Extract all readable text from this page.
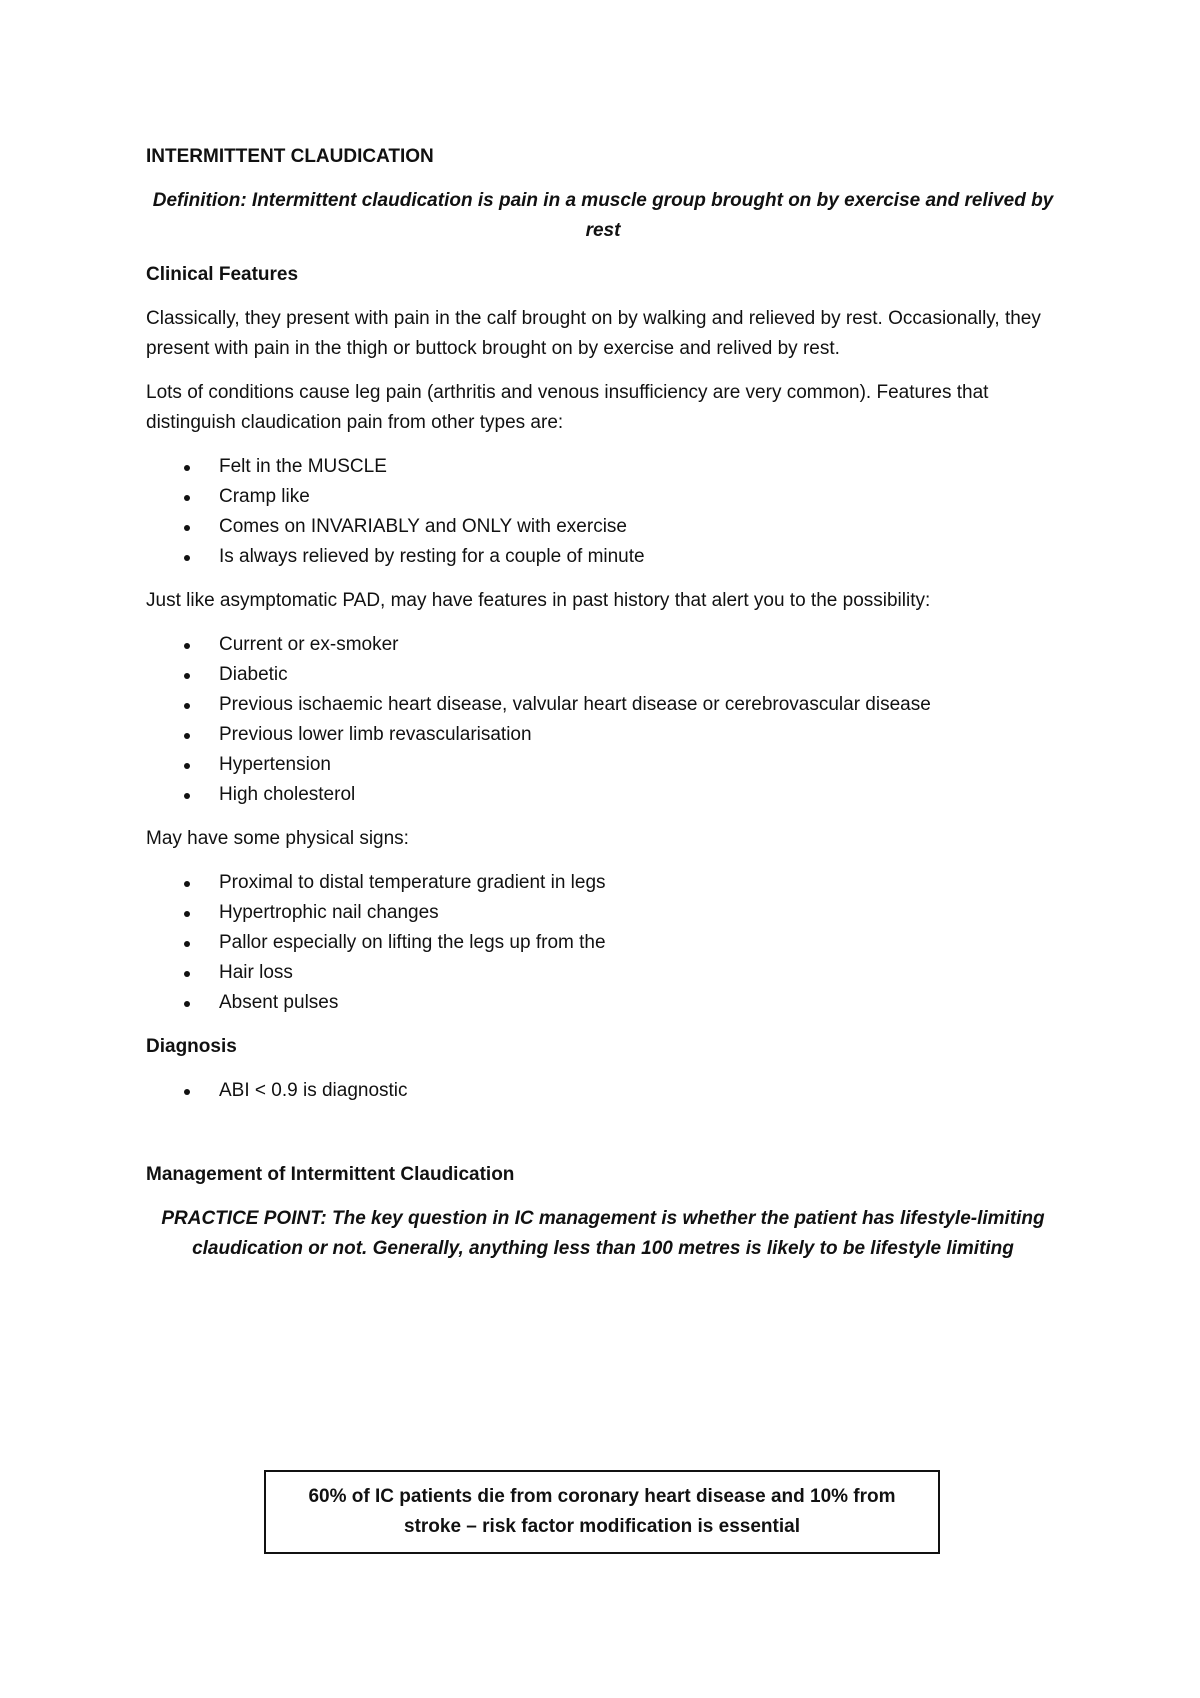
INTERMITTENT CLAUDICATION

Definition: Intermittent claudication is pain in a muscle group brought on by exercise and relived by rest

Clinical Features

Classically, they present with pain in the calf brought on by walking and relieved by rest. Occasionally, they present with pain in the thigh or buttock brought on by exercise and relived by rest.

Lots of conditions cause leg pain (arthritis and venous insufficiency are very common). Features that distinguish claudication pain from other types are:

Felt in the MUSCLE
Cramp like
Comes on INVARIABLY and ONLY with exercise
Is always relieved by resting for a couple of minute

Just like asymptomatic PAD, may have features in past history that alert you to the possibility:

Current or ex-smoker
Diabetic
Previous ischaemic heart disease, valvular heart disease or cerebrovascular disease
Previous lower limb revascularisation
Hypertension
High cholesterol

May have some physical signs:

Proximal to distal temperature gradient in legs
Hypertrophic nail changes
Pallor especially on lifting the legs up from the
Hair loss
Absent pulses

Diagnosis

ABI < 0.9 is diagnostic

Management of Intermittent Claudication

PRACTICE POINT: The key question in IC management is whether the patient has lifestyle-limiting claudication or not. Generally, anything less than 100 metres is likely to be lifestyle limiting

60% of IC patients die from coronary heart disease and 10% from
stroke – risk factor modification is essential
